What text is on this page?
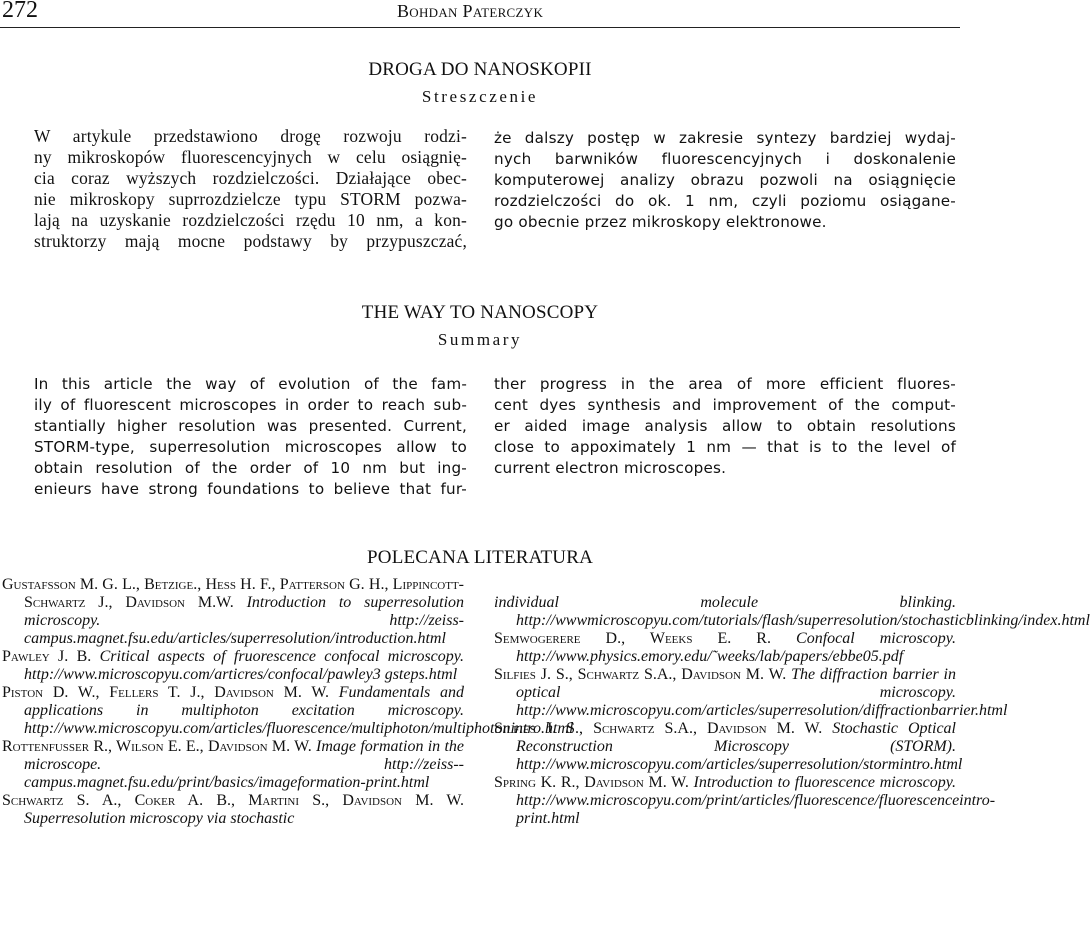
272	Bohdan Paterczyk
DROGA DO NANOSKOPII
Streszczenie
W artykule przedstawiono drogę rozwoju rodzi-
ny mikroskopów fluorescencyjnych w celu osiągnię-
cia coraz wyższych rozdzielczości. Działające obec-
nie mikroskopy suprrozdzielcze typu STORM pozwa-
lają na uzyskanie rozdzielczości rzędu 10 nm, a kon-
struktorzy mają mocne podstawy by przypuszczać,
że dalszy postęp w zakresie syntezy bardziej wydaj-
nych barwników fluorescencyjnych i doskonalenie
komputerowej analizy obrazu pozwoli na osiągnięcie
rozdzielczości do ok. 1 nm, czyli poziomu osiągane-
go obecnie przez mikroskopy elektronowe.
THE WAY TO NANOSCOPY
Summary
In this article the way of evolution of the fam-
ily of fluorescent microscopes in order to reach sub-
stantially higher resolution was presented. Current,
STORM-type, superresolution microscopes allow to
obtain resolution of the order of 10 nm but ing-
enieurs have strong foundations to believe that fur-
ther progress in the area of more efficient fluores-
cent dyes synthesis and improvement of the comput-
er aided image analysis allow to obtain resolutions
close to appoximately 1 nm — that is to the level of
current electron microscopes.
POLECANA LITERATURA

Gustafsson M. G. L., Betzige., Hess H. F., Patterson G. H., Lippincott-Schwartz J., Davidson M.W. Introduction to superresolution microscopy. http://zeiss-campus.magnet.fsu.edu/articles/superresolution/introduction.html

Pawley J. B. Critical aspects of fruorescence confocal microscopy. http://www.microscopyu.com/articres/confocal/pawley3 gsteps.html

Piston D. W., Fellers T. J., Davidson M. W. Fundamentals and applications in multiphoton excitation microscopy. http://www.microscopyu.com/articles/fluorescence/multiphoton/multiphotonintro.html

Rottenfusser R., Wilson E. E., Davidson M. W. Image formation in the microscope. http://zeiss--campus.magnet.fsu.edu/print/basics/imageformation-print.html

Schwartz S. A., Coker A. B., Martini S., Davidson M. W. Superresolution microscopy via stochastic

individual molecule blinking. http://wwwmicroscopyu.com/tutorials/flash/superresolution/stochasticblinking/index.html

Semwogerere D., Weeks E. R. Confocal microscopy. http://www.physics.emory.edu/˜weeks/lab/papers/ebbe05.pdf

Silfies J. S., Schwartz S.A., Davidson M. W. The diffraction barrier in optical microscopy. http://www.microscopyu.com/articles/superresolution/diffractionbarrier.html

Silfies J. S., Schwartz S.A., Davidson M. W. Stochastic Optical Reconstruction Microscopy (STORM). http://www.microscopyu.com/articles/superresolution/stormintro.html

Spring K. R., Davidson M. W. Introduction to fluorescence microscopy. http://www.microscopyu.com/print/articles/fluorescence/fluorescenceintro-print.html
